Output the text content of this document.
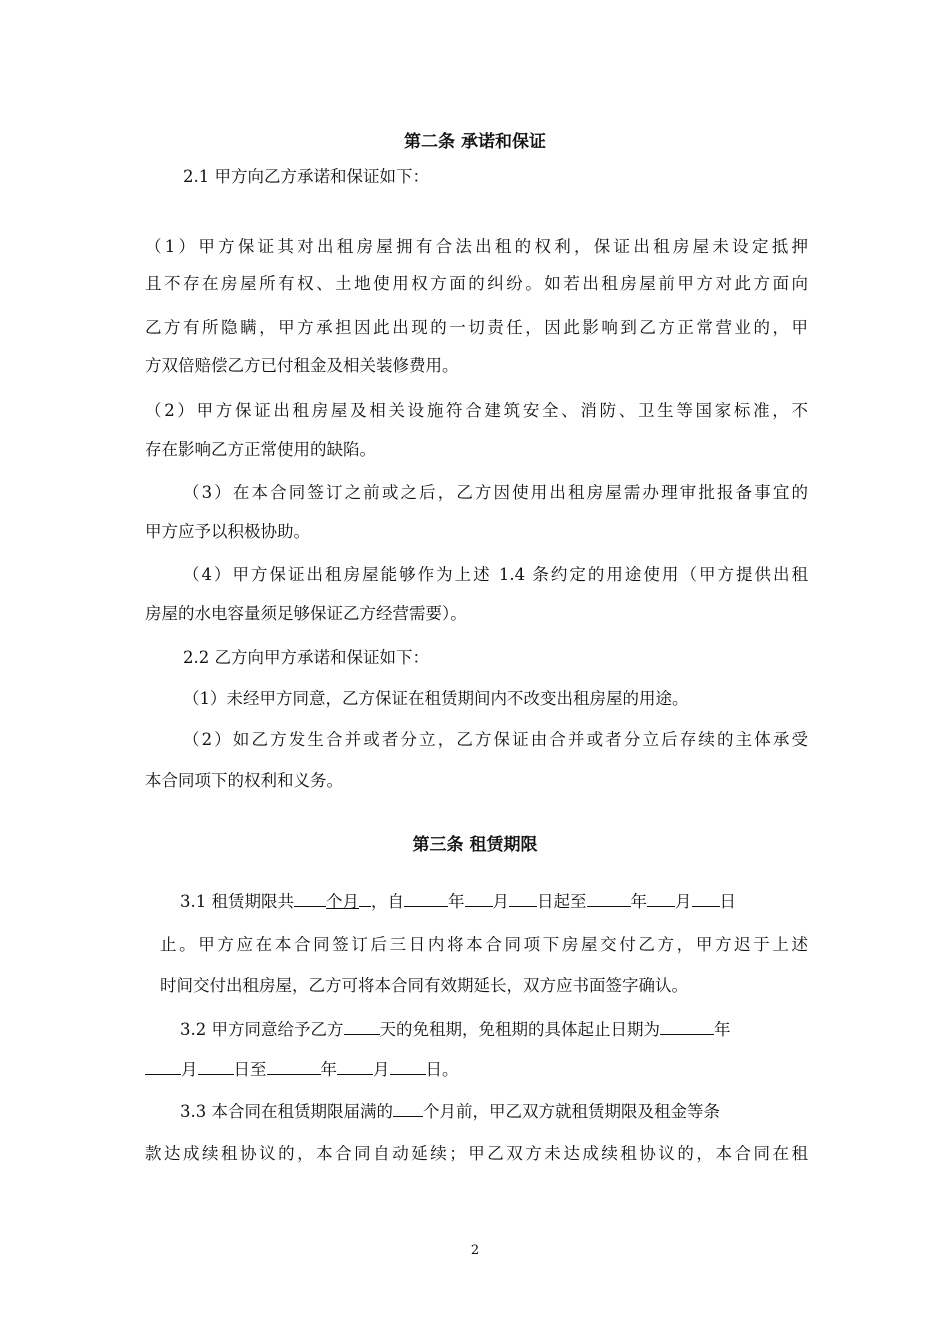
第二条 承诺和保证
2.1 甲方向乙方承诺和保证如下：
（1）甲方保证其对出租房屋拥有合法出租的权利，保证出租房屋未设定抵押
且不存在房屋所有权、土地使用权方面的纠纷。如若出租房屋前甲方对此方面向
乙方有所隐瞒，甲方承担因此出现的一切责任，因此影响到乙方正常营业的，甲
方双倍赔偿乙方已付租金及相关装修费用。
（2）甲方保证出租房屋及相关设施符合建筑安全、消防、卫生等国家标准，不
存在影响乙方正常使用的缺陷。
（3）在本合同签订之前或之后，乙方因使用出租房屋需办理审批报备事宜的
甲方应予以积极协助。
（4）甲方保证出租房屋能够作为上述 1.4 条约定的用途使用（甲方提供出租
房屋的水电容量须足够保证乙方经营需要）。
2.2 乙方向甲方承诺和保证如下：
（1）未经甲方同意，乙方保证在租赁期间内不改变出租房屋的用途。
（2）如乙方发生合并或者分立，乙方保证由合并或者分立后存续的主体承受
本合同项下的权利和义务。
第三条 租赁期限
3.1 租赁期限共 个月 ，自	年 月 日起至	年 月 日
止。甲方应在本合同签订后三日内将本合同项下房屋交付乙方，甲方迟于上述
时间交付出租房屋，乙方可将本合同有效期延长，双方应书面签字确认。
3.2 甲方同意给予乙方 天的免租期，免租期的具体起止日期为	年
月 日至	年 月 日。
3.3 本合同在租赁期限届满的 个月前，甲乙双方就租赁期限及租金等条
款达成续租协议的，本合同自动延续；甲乙双方未达成续租协议的，本合同在租
2
